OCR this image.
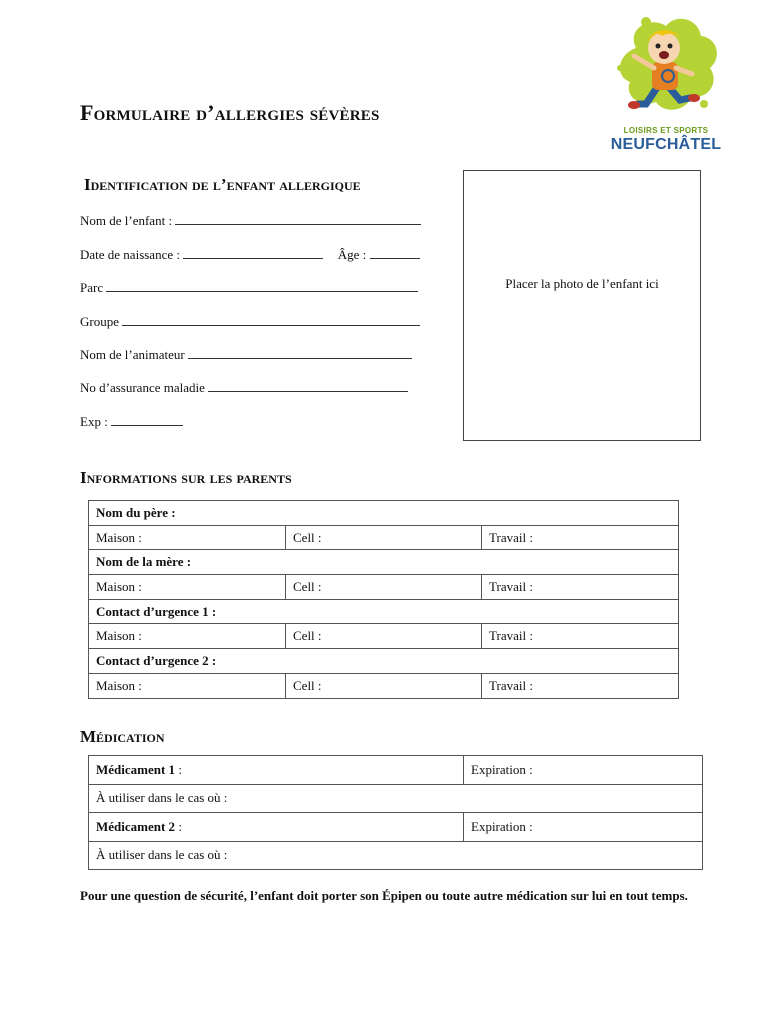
LOISIRS ET SPORTS
NEUFCHÂTEL
Formulaire d’allergies sévères
Identification de l’enfant allergique
Nom de l’enfant :
Date de naissance :	Âge :
Parc
Groupe
Nom de l’animateur
No d’assurance maladie
Exp :
Placer la photo de l’enfant ici
Informations sur les parents
Nom du père :		
Maison :	Cell :	Travail :
Nom de la mère :		
Maison :	Cell :	Travail :
Contact d’urgence 1 :		
Maison :	Cell :	Travail :
Contact d’urgence 2 :		
Maison :	Cell :	Travail :
Médication
Médicament 1 :	Expiration :
À utiliser dans le cas où :	
Médicament 2 :	Expiration :
À utiliser dans le cas où :	
Pour une question de sécurité, l’enfant doit porter son Épipen ou toute autre médication sur lui en tout temps.
